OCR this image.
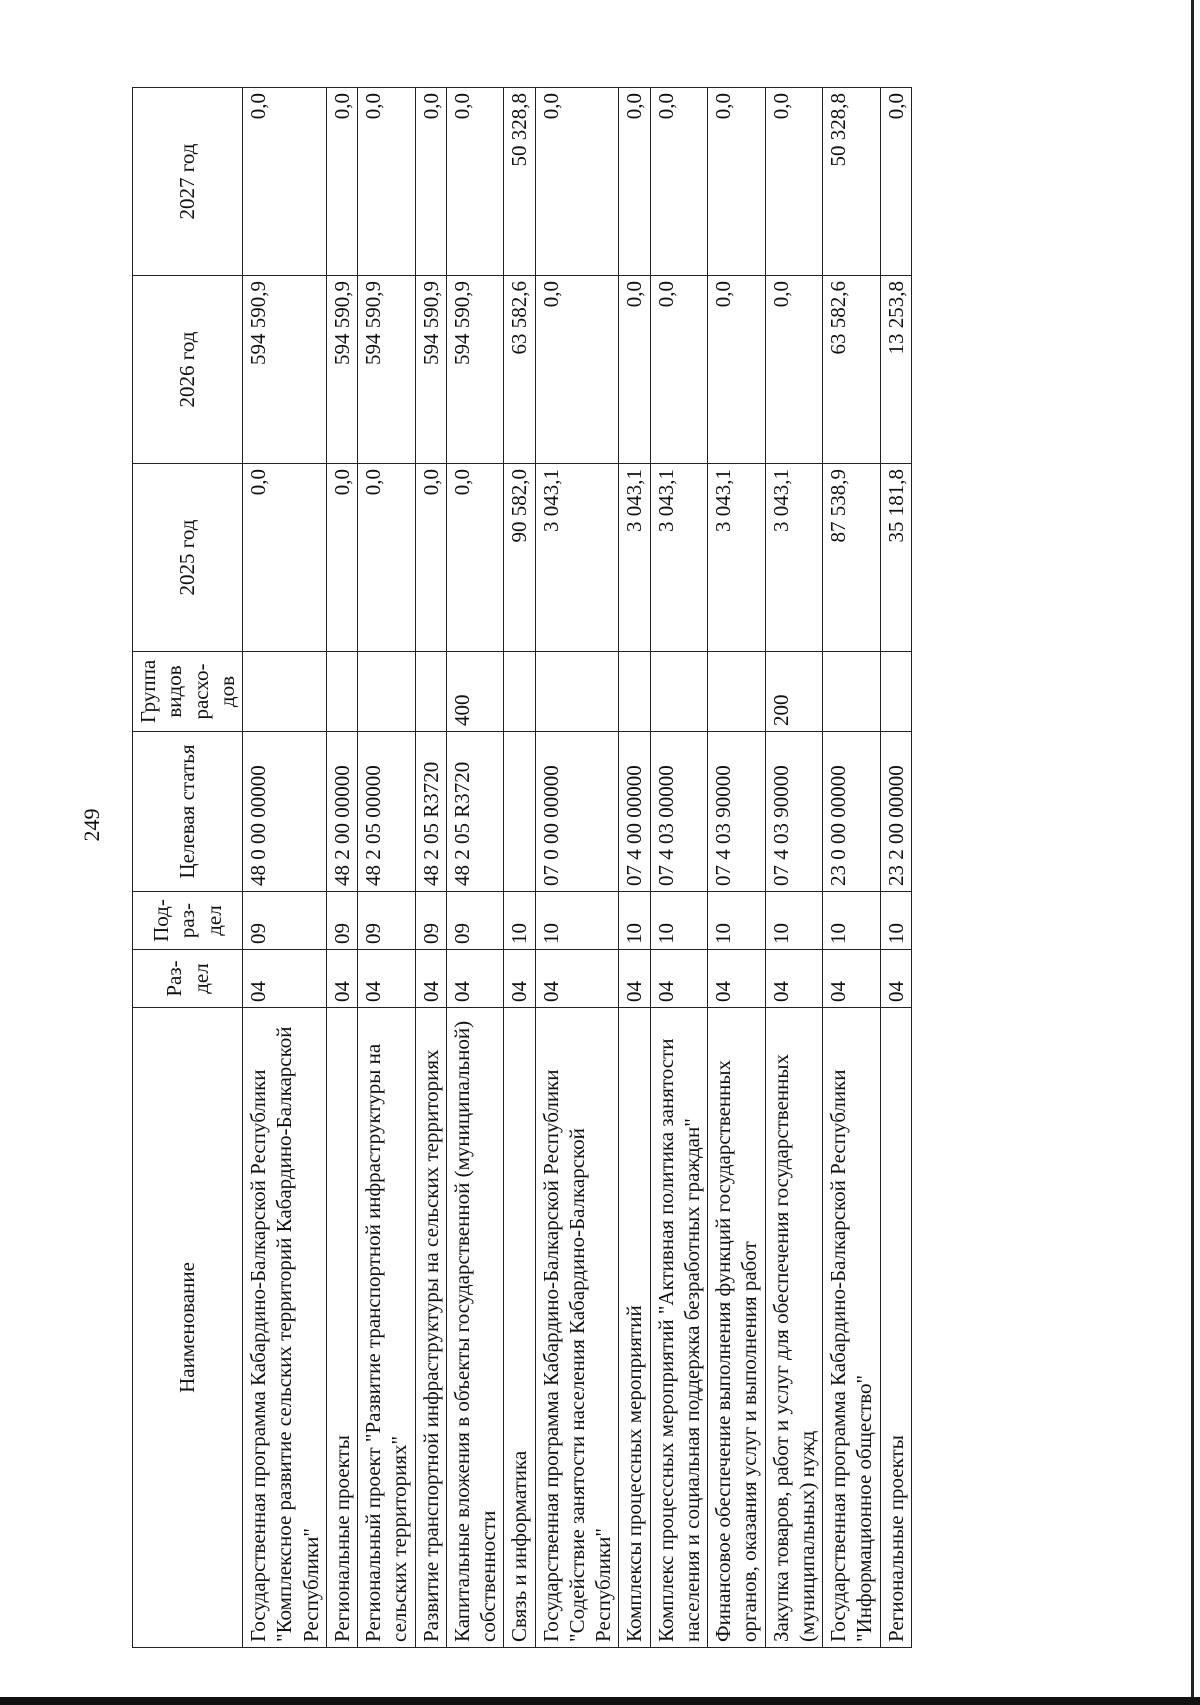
249
Наименование	Раз-дел	Под-раз-дел	Целевая статья	Группа видов расхо-дов	2025 год	2026 год	2027 год
Государственная программа Кабардино-Балкарской Республики "Комплексное развитие сельских территорий Кабардино-Балкарской Республики"	04	09	48 0 00 00000		0,0	594 590,9	0,0
Региональные проекты	04	09	48 2 00 00000		0,0	594 590,9	0,0
Региональный проект "Развитие транспортной инфраструктуры на сельских территориях"	04	09	48 2 05 00000		0,0	594 590,9	0,0
Развитие транспортной инфраструктуры на сельских территориях	04	09	48 2 05 R3720		0,0	594 590,9	0,0
Капитальные вложения в объекты государственной (муниципальной) собственности	04	09	48 2 05 R3720	400	0,0	594 590,9	0,0
Связь и информатика	04	10			90 582,0	63 582,6	50 328,8
Государственная программа Кабардино-Балкарской Республики "Содействие занятости населения Кабардино-Балкарской Республики"	04	10	07 0 00 00000		3 043,1	0,0	0,0
Комплексы процессных мероприятий	04	10	07 4 00 00000		3 043,1	0,0	0,0
Комплекс процессных мероприятий "Активная политика занятости населения и социальная поддержка безработных граждан"	04	10	07 4 03 00000		3 043,1	0,0	0,0
Финансовое обеспечение выполнения функций государственных органов, оказания услуг и выполнения работ	04	10	07 4 03 90000		3 043,1	0,0	0,0
Закупка товаров, работ и услуг для обеспечения государственных (муниципальных) нужд	04	10	07 4 03 90000	200	3 043,1	0,0	0,0
Государственная программа Кабардино-Балкарской Республики "Информационное общество"	04	10	23 0 00 00000		87 538,9	63 582,6	50 328,8
Региональные проекты	04	10	23 2 00 00000		35 181,8	13 253,8	0,0
